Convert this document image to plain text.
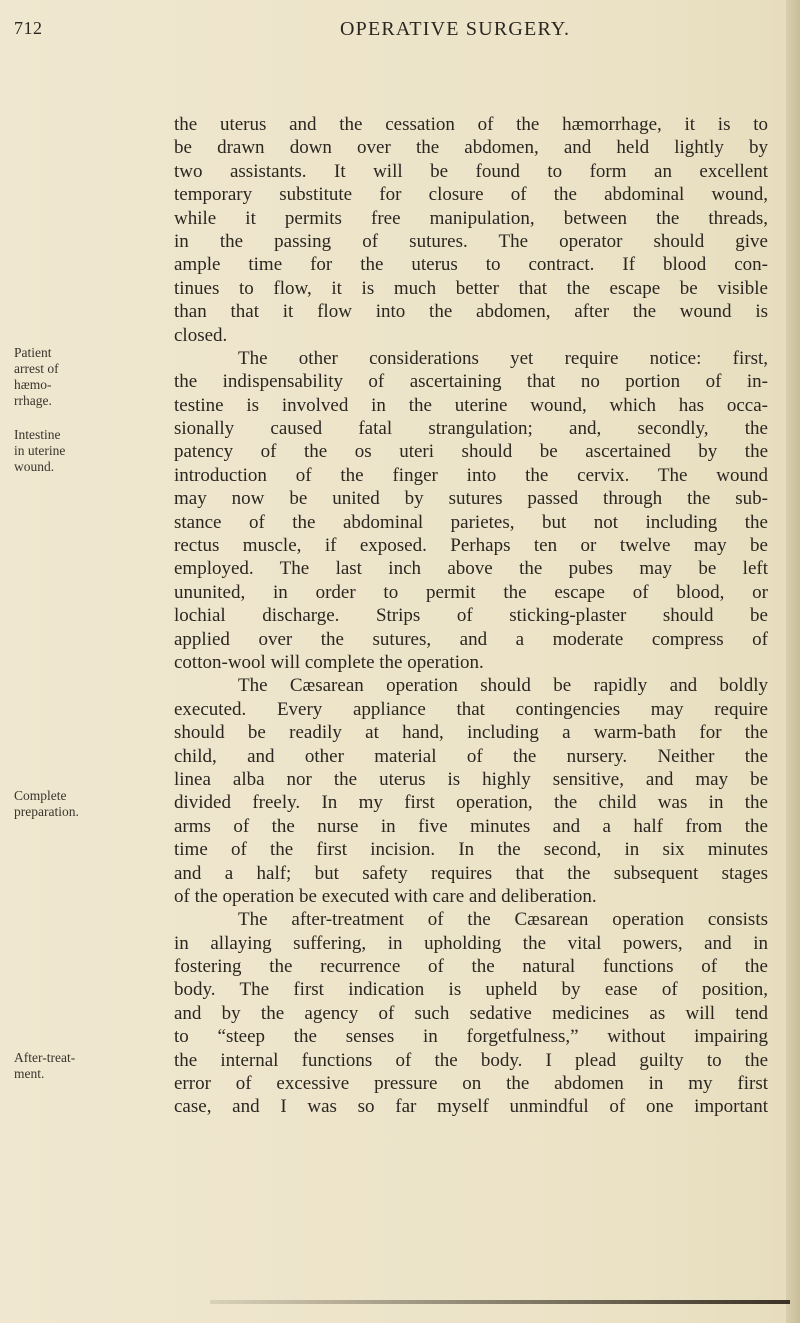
712	OPERATIVE SURGERY.
Patient
arrest of
hæmo-
rrhage.
Intestine
in uterine
wound.
Complete
preparation.
After-treat-
ment.
the uterus and the cessation of the hæmorrhage, it is to
be drawn down over the abdomen, and held lightly by
two assistants. It will be found to form an excellent
temporary substitute for closure of the abdominal wound,
while it permits free manipulation, between the threads,
in the passing of sutures. The operator should give
ample time for the uterus to contract. If blood con-
tinues to flow, it is much better that the escape be visible
than that it flow into the abdomen, after the wound is
closed.
The other considerations yet require notice: first,
the indispensability of ascertaining that no portion of in-
testine is involved in the uterine wound, which has occa-
sionally caused fatal strangulation; and, secondly, the
patency of the os uteri should be ascertained by the
introduction of the finger into the cervix. The wound
may now be united by sutures passed through the sub-
stance of the abdominal parietes, but not including the
rectus muscle, if exposed. Perhaps ten or twelve may be
employed. The last inch above the pubes may be left
ununited, in order to permit the escape of blood, or
lochial discharge. Strips of sticking-plaster should be
applied over the sutures, and a moderate compress of
cotton-wool will complete the operation.
The Cæsarean operation should be rapidly and boldly
executed. Every appliance that contingencies may require
should be readily at hand, including a warm-bath for the
child, and other material of the nursery. Neither the
linea alba nor the uterus is highly sensitive, and may be
divided freely. In my first operation, the child was in the
arms of the nurse in five minutes and a half from the
time of the first incision. In the second, in six minutes
and a half; but safety requires that the subsequent stages
of the operation be executed with care and deliberation.
The after-treatment of the Cæsarean operation consists
in allaying suffering, in upholding the vital powers, and in
fostering the recurrence of the natural functions of the
body. The first indication is upheld by ease of position,
and by the agency of such sedative medicines as will tend
to “steep the senses in forgetfulness,” without impairing
the internal functions of the body. I plead guilty to the
error of excessive pressure on the abdomen in my first
case, and I was so far myself unmindful of one important
